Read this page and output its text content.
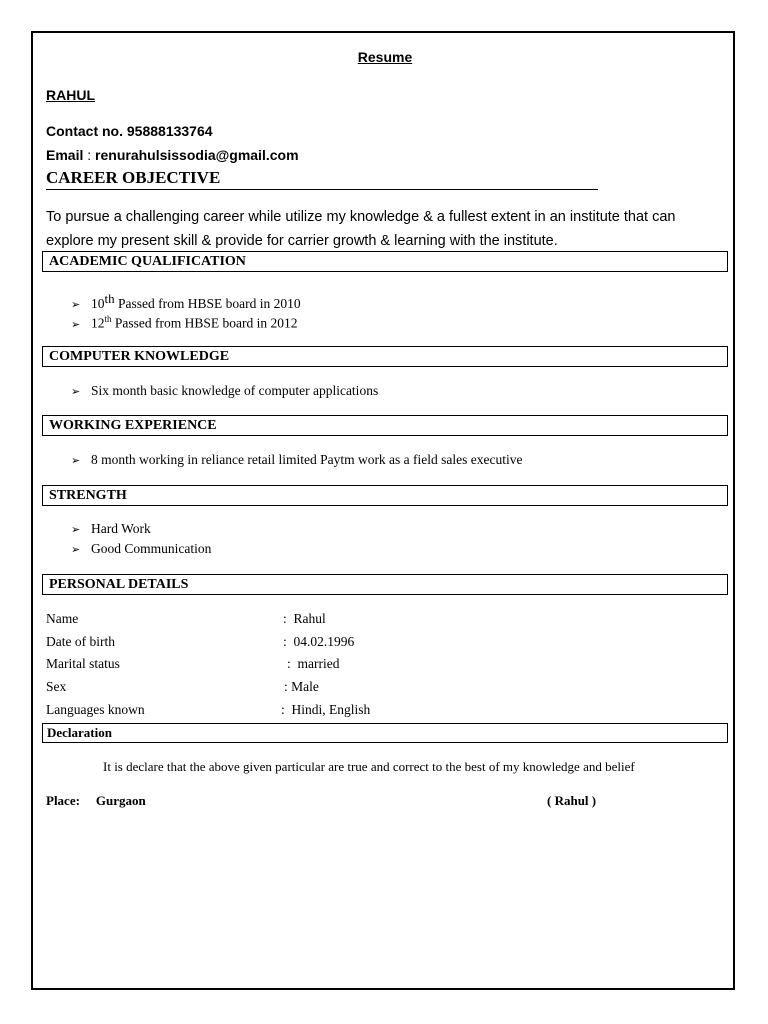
Resume
RAHUL
Contact no. 95888133764
Email : renurahulsissodia@gmail.com
CAREER OBJECTIVE
To pursue a challenging career while utilize my knowledge & a fullest extent in an institute that can explore my present skill & provide for carrier growth & learning with the institute.
ACADEMIC QUALIFICATION
➢ 10th Passed from HBSE board in 2010
➢ 12th Passed from HBSE board in 2012
COMPUTER KNOWLEDGE
➢ Six month basic knowledge of computer applications
WORKING EXPERIENCE
➢ 8 month working in reliance retail limited Paytm work as a field sales executive
STRENGTH
➢ Hard Work
➢ Good Communication
PERSONAL DETAILS
Name	:  Rahul
Date of birth	:  04.02.1996
Marital status	:  married
Sex	: Male
Languages known	:  Hindi, English
Declaration
It is declare that the above given particular are true and correct to the best of my knowledge and belief
Place: Gurgaon	( Rahul )
